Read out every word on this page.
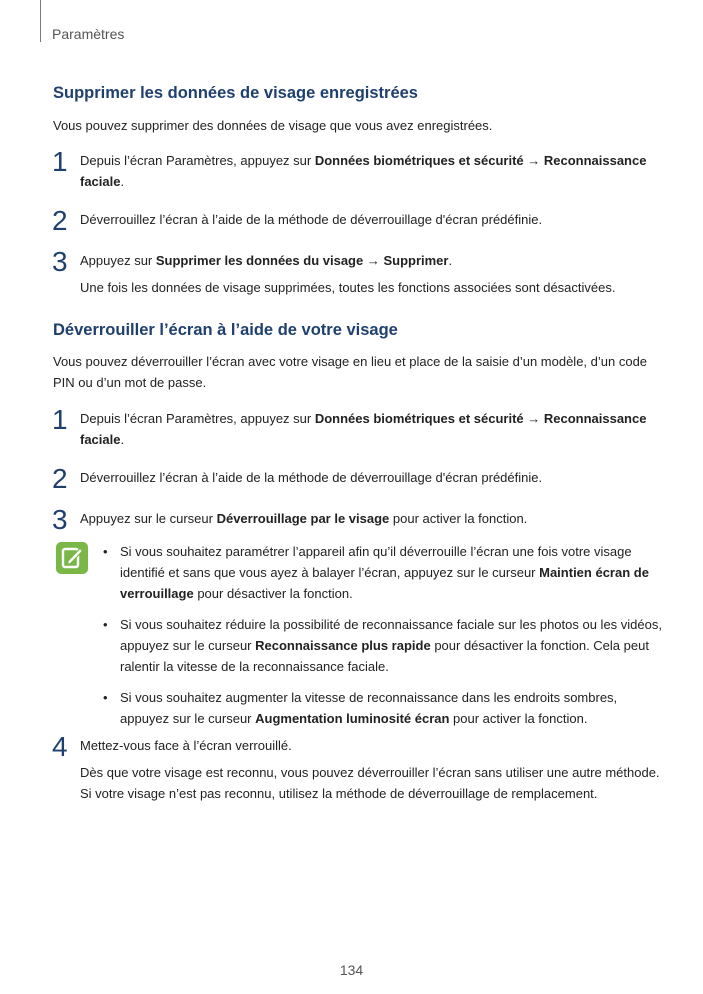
Paramètres
Supprimer les données de visage enregistrées

Vous pouvez supprimer des données de visage que vous avez enregistrées.

1 Depuis l’écran Paramètres, appuyez sur Données biométriques et sécurité → Reconnaissance faciale.

2 Déverrouillez l’écran à l’aide de la méthode de déverrouillage d'écran prédéfinie.

3 Appuyez sur Supprimer les données du visage → Supprimer.

Une fois les données de visage supprimées, toutes les fonctions associées sont désactivées.

Déverrouiller l’écran à l’aide de votre visage

Vous pouvez déverrouiller l’écran avec votre visage en lieu et place de la saisie d’un modèle, d’un code PIN ou d’un mot de passe.

1 Depuis l’écran Paramètres, appuyez sur Données biométriques et sécurité → Reconnaissance faciale.

2 Déverrouillez l’écran à l’aide de la méthode de déverrouillage d'écran prédéfinie.

3 Appuyez sur le curseur Déverrouillage par le visage pour activer la fonction.

• Si vous souhaitez paramétrer l’appareil afin qu’il déverrouille l’écran une fois votre visage identifié et sans que vous ayez à balayer l’écran, appuyez sur le curseur Maintien écran de verrouillage pour désactiver la fonction.
• Si vous souhaitez réduire la possibilité de reconnaissance faciale sur les photos ou les vidéos, appuyez sur le curseur Reconnaissance plus rapide pour désactiver la fonction. Cela peut ralentir la vitesse de la reconnaissance faciale.
• Si vous souhaitez augmenter la vitesse de reconnaissance dans les endroits sombres, appuyez sur le curseur Augmentation luminosité écran pour activer la fonction.
4 Mettez-vous face à l’écran verrouillé.

Dès que votre visage est reconnu, vous pouvez déverrouiller l’écran sans utiliser une autre méthode. Si votre visage n’est pas reconnu, utilisez la méthode de déverrouillage de remplacement.

134
